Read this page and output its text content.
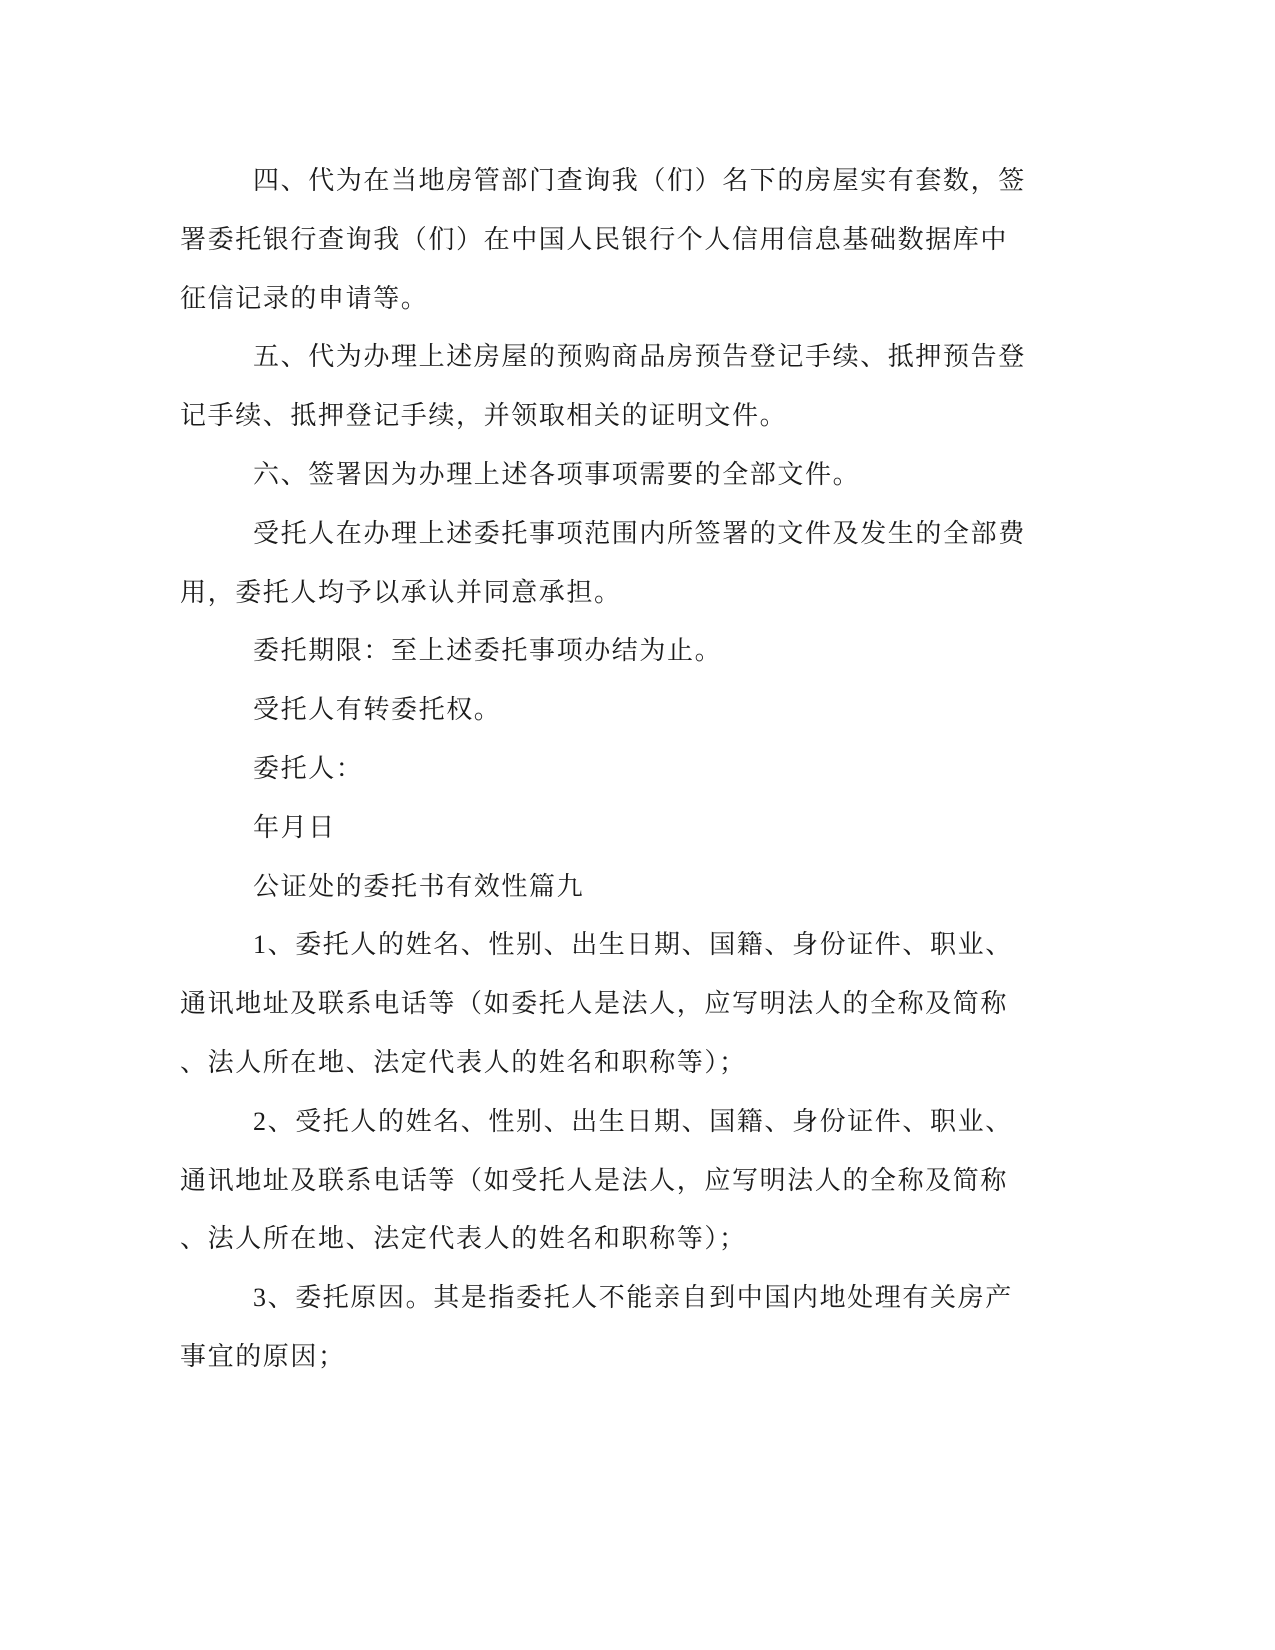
四、代为在当地房管部门查询我（们）名下的房屋实有套数，签
署委托银行查询我（们）在中国人民银行个人信用信息基础数据库中
征信记录的申请等。
五、代为办理上述房屋的预购商品房预告登记手续、抵押预告登
记手续、抵押登记手续，并领取相关的证明文件。
六、签署因为办理上述各项事项需要的全部文件。
受托人在办理上述委托事项范围内所签署的文件及发生的全部费
用，委托人均予以承认并同意承担。
委托期限：至上述委托事项办结为止。
受托人有转委托权。
委托人：
年月日
公证处的委托书有效性篇九
1、委托人的姓名、性别、出生日期、国籍、身份证件、职业、
通讯地址及联系电话等（如委托人是法人，应写明法人的全称及简称
、法人所在地、法定代表人的姓名和职称等）；
2、受托人的姓名、性别、出生日期、国籍、身份证件、职业、
通讯地址及联系电话等（如受托人是法人，应写明法人的全称及简称
、法人所在地、法定代表人的姓名和职称等）；
3、委托原因。其是指委托人不能亲自到中国内地处理有关房产
事宜的原因；
